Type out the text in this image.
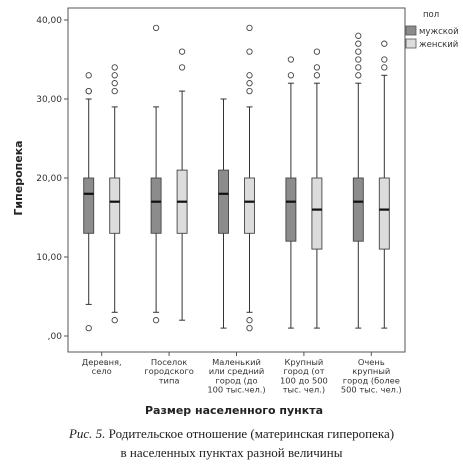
,00
10,00
20,00
30,00
40,00
Деревня,
село
Поселок
городского
типа
Маленький
или средний
город (до
100 тыс.чел.)
Крупный
город (от
100 до 500
тыс. чел.)
Очень
крупный
город (более
500 тыс. чел.)
Гиперопека
Размер населенного пункта
пол
мужской
женский
Рис. 5. Родительское отношение (материнская гиперопека)
в населенных пунктах разной величины
